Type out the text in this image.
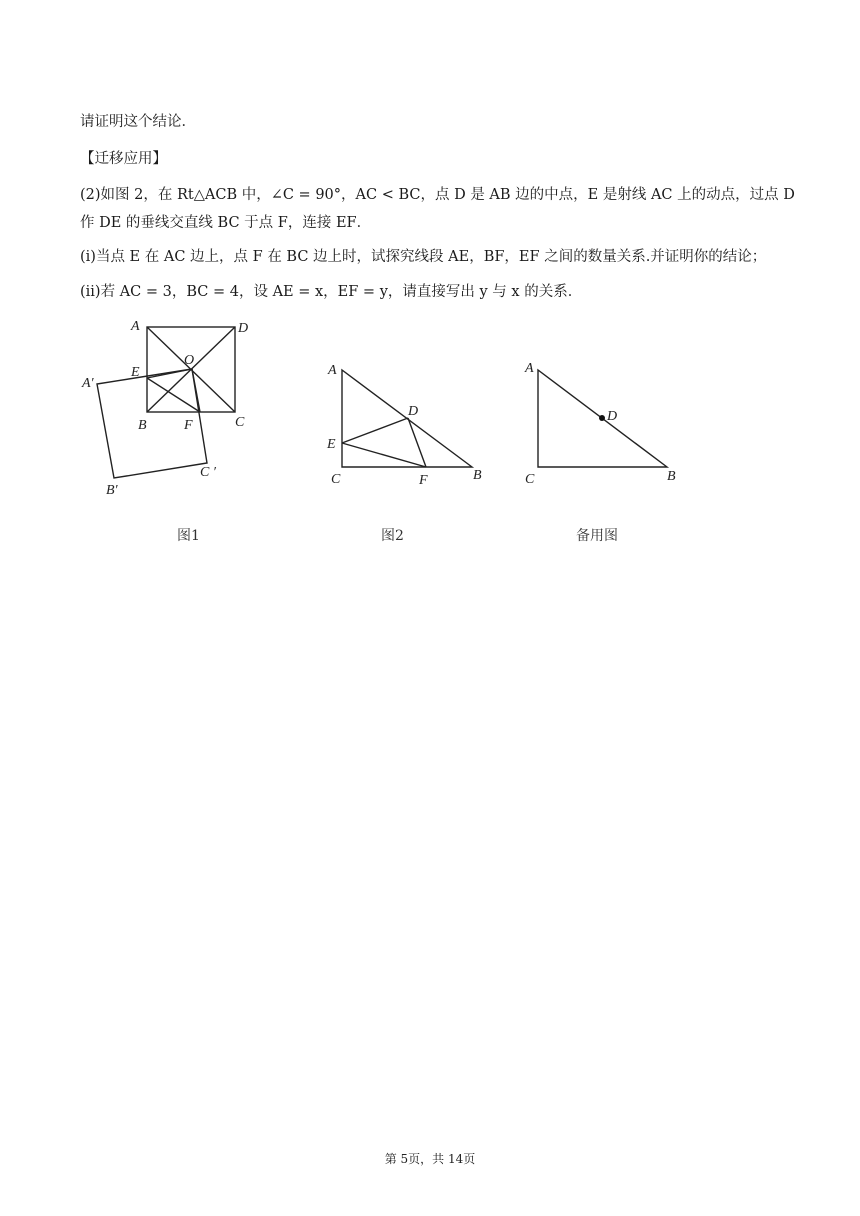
请证明这个结论．
【迁移应用】
(2)如图 2，在 Rt△ACB 中，∠C = 90°，AC < BC，点 D 是 AB 边的中点，E 是射线 AC 上的动点，过点 D
作 DE 的垂线交直线 BC 于点 F，连接 EF．
(i)当点 E 在 AC 边上，点 F 在 BC 边上时，试探究线段 AE，BF，EF 之间的数量关系.并证明你的结论；
(ii)若 AC = 3，BC = 4，设 AE = x，EF = y，请直接写出 y 与 x 的关系．
A	D
O
E
A′
B	F	C
C ′
B′
图1
A
D
E
C	F	B
图2
A
D
C	B
备用图
第 5页，共 14页
